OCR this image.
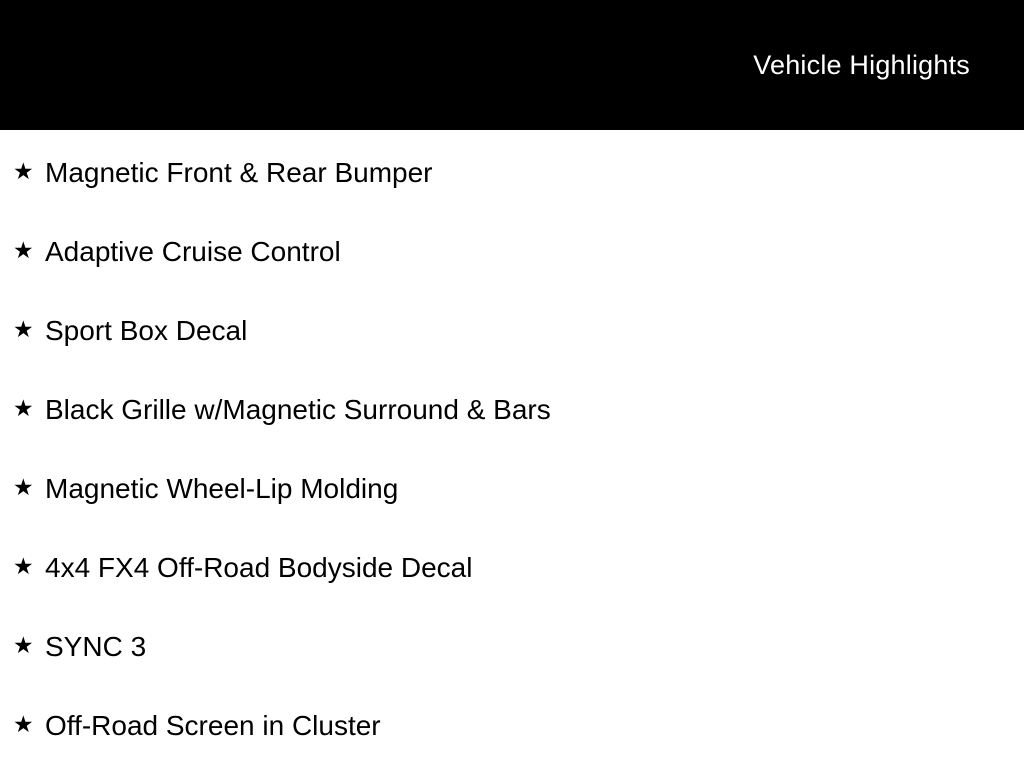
Vehicle Highlights
★ Magnetic Front & Rear Bumper
★ Adaptive Cruise Control
★ Sport Box Decal
★ Black Grille w/Magnetic Surround & Bars
★ Magnetic Wheel-Lip Molding
★ 4x4 FX4 Off-Road Bodyside Decal
★ SYNC 3
★ Off-Road Screen in Cluster
